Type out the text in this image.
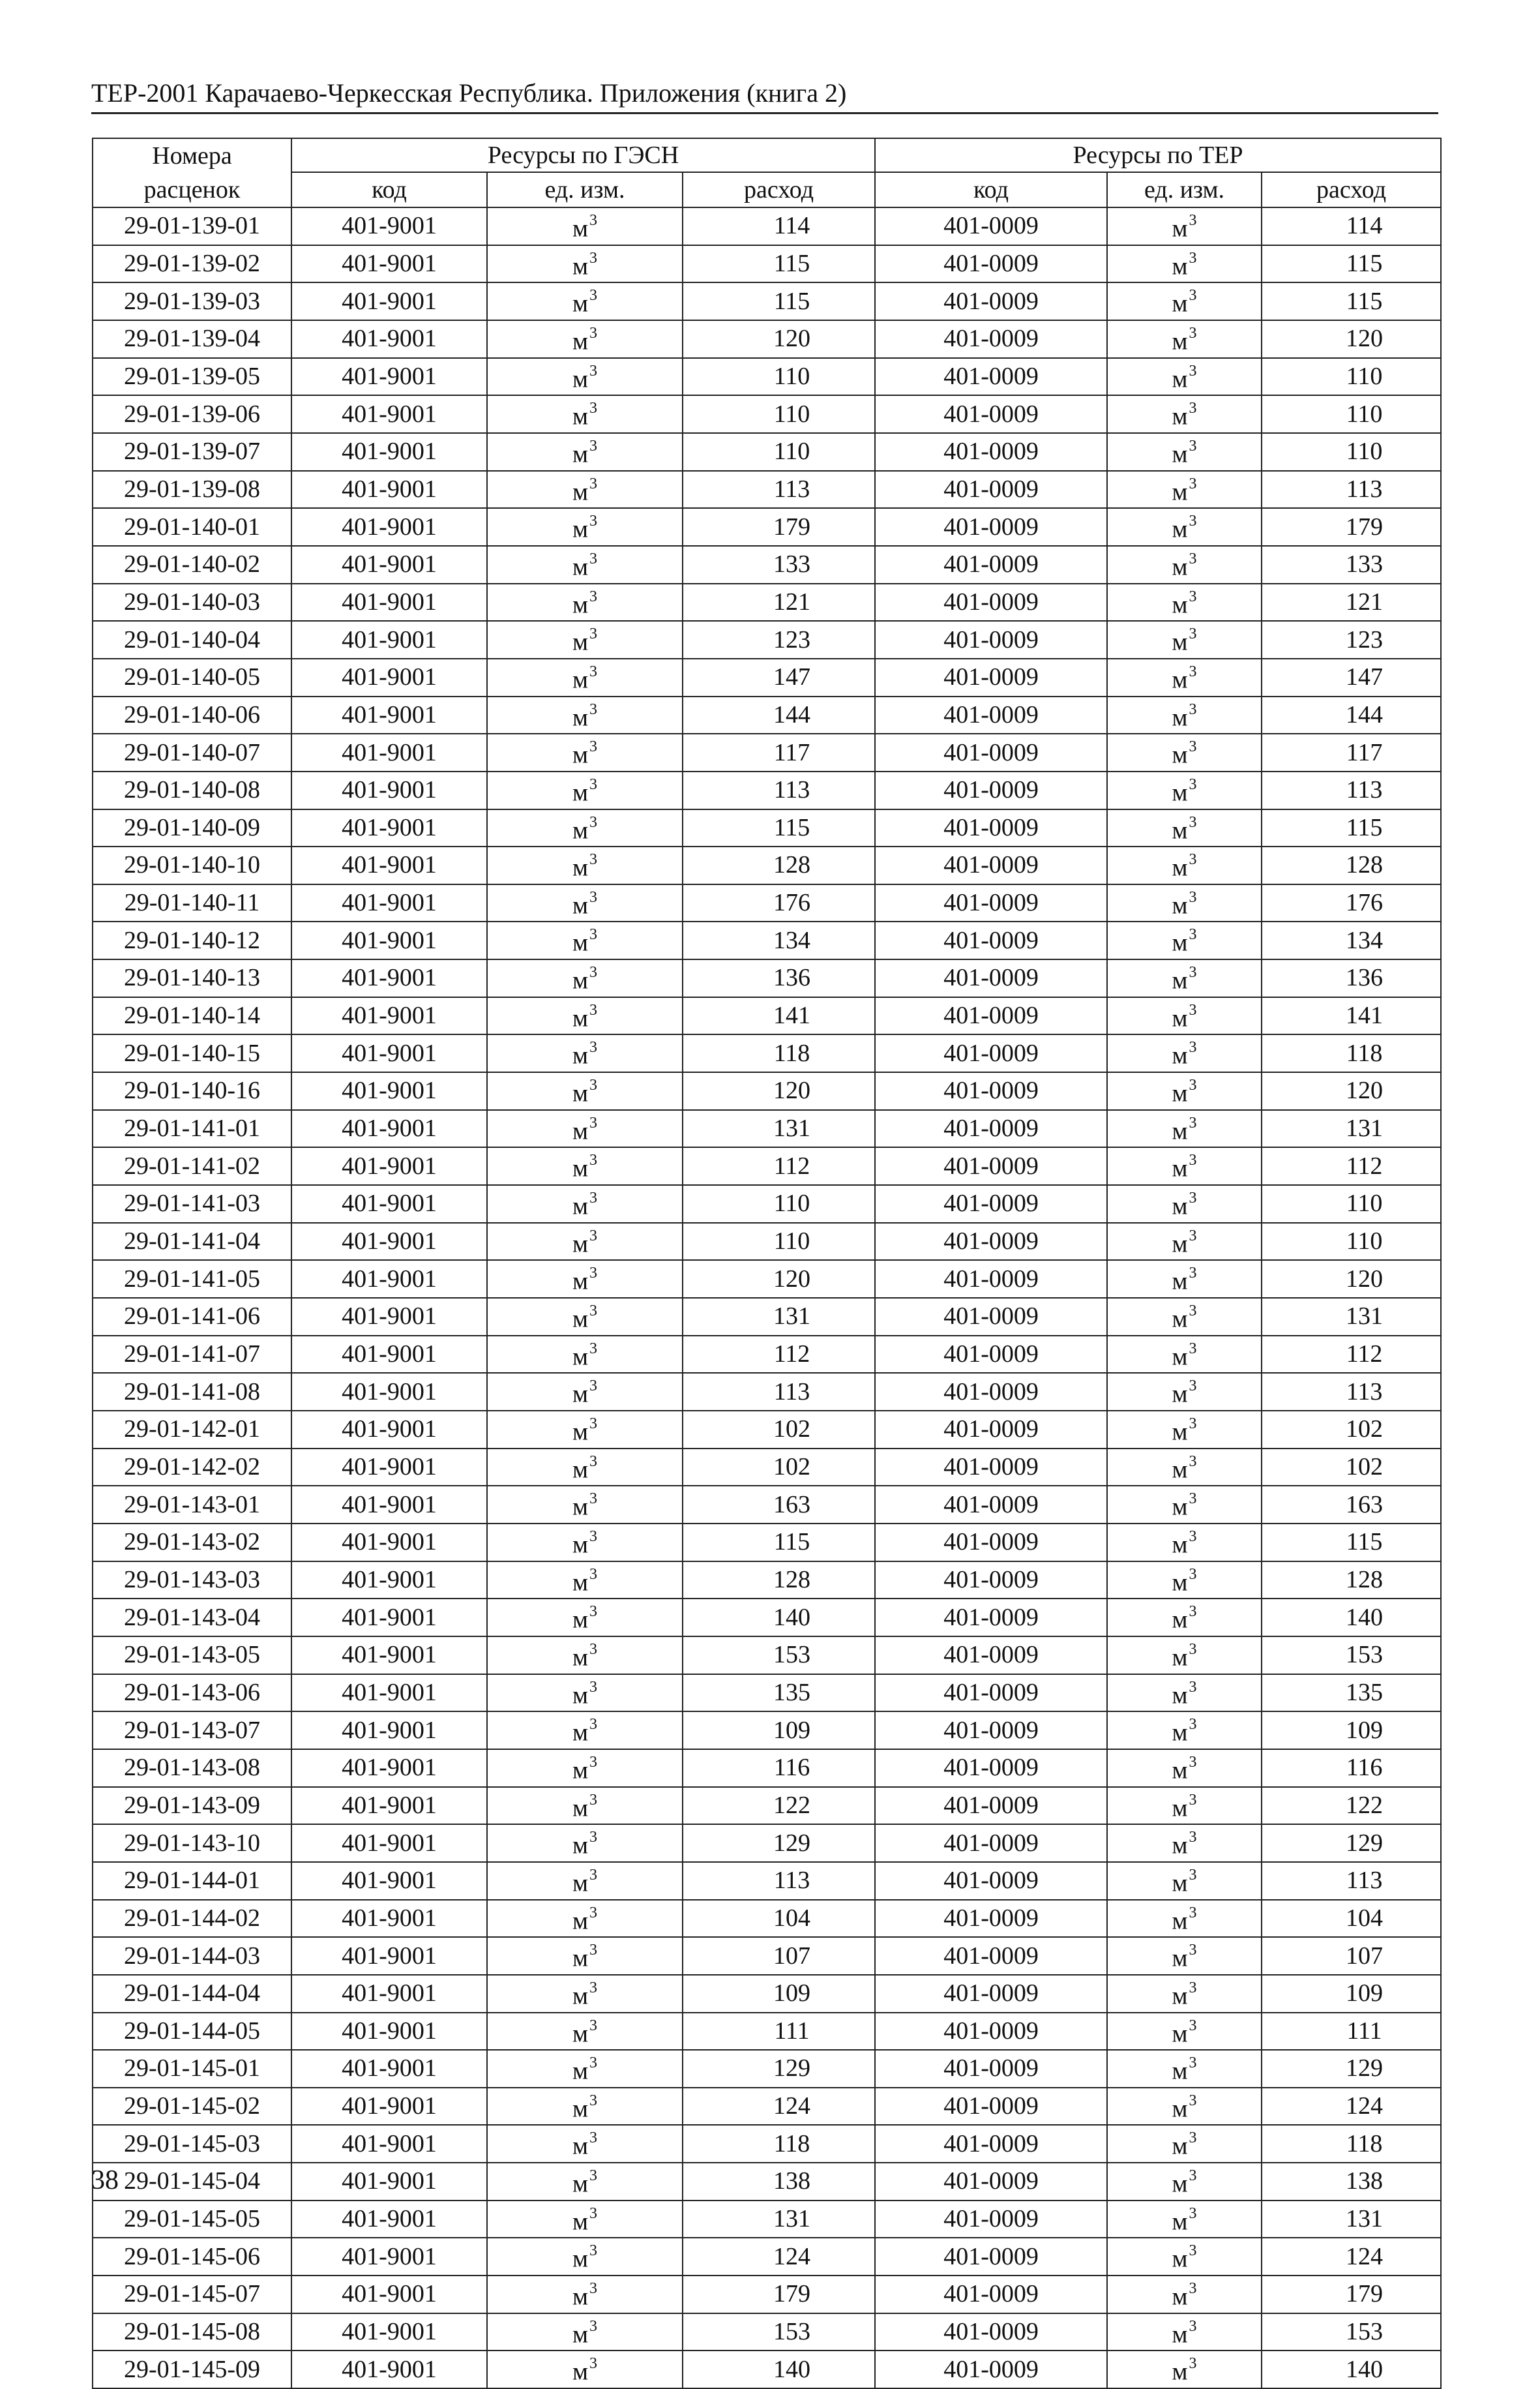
ТЕР-2001 Карачаево-Черкесская Республика. Приложения (книга 2)
Номера	Ресурсы по ГЭСН			Ресурсы по ТЕР		
расценок	код	ед. изм.	расход	код	ед. изм.	расход
29-01-139-01	401-9001	$м^3$	114	401-0009	$м^3$	114
29-01-139-02	401-9001	$м^3$	115	401-0009	$м^3$	115
29-01-139-03	401-9001	$м^3$	115	401-0009	$м^3$	115
29-01-139-04	401-9001	$м^3$	120	401-0009	$м^3$	120
29-01-139-05	401-9001	$м^3$	110	401-0009	$м^3$	110
29-01-139-06	401-9001	$м^3$	110	401-0009	$м^3$	110
29-01-139-07	401-9001	$м^3$	110	401-0009	$м^3$	110
29-01-139-08	401-9001	$м^3$	113	401-0009	$м^3$	113
29-01-140-01	401-9001	$м^3$	179	401-0009	$м^3$	179
29-01-140-02	401-9001	$м^3$	133	401-0009	$м^3$	133
29-01-140-03	401-9001	$м^3$	121	401-0009	$м^3$	121
29-01-140-04	401-9001	$м^3$	123	401-0009	$м^3$	123
29-01-140-05	401-9001	$м^3$	147	401-0009	$м^3$	147
29-01-140-06	401-9001	$м^3$	144	401-0009	$м^3$	144
29-01-140-07	401-9001	$м^3$	117	401-0009	$м^3$	117
29-01-140-08	401-9001	$м^3$	113	401-0009	$м^3$	113
29-01-140-09	401-9001	$м^3$	115	401-0009	$м^3$	115
29-01-140-10	401-9001	$м^3$	128	401-0009	$м^3$	128
29-01-140-11	401-9001	$м^3$	176	401-0009	$м^3$	176
29-01-140-12	401-9001	$м^3$	134	401-0009	$м^3$	134
29-01-140-13	401-9001	$м^3$	136	401-0009	$м^3$	136
29-01-140-14	401-9001	$м^3$	141	401-0009	$м^3$	141
29-01-140-15	401-9001	$м^3$	118	401-0009	$м^3$	118
29-01-140-16	401-9001	$м^3$	120	401-0009	$м^3$	120
29-01-141-01	401-9001	$м^3$	131	401-0009	$м^3$	131
29-01-141-02	401-9001	$м^3$	112	401-0009	$м^3$	112
29-01-141-03	401-9001	$м^3$	110	401-0009	$м^3$	110
29-01-141-04	401-9001	$м^3$	110	401-0009	$м^3$	110
29-01-141-05	401-9001	$м^3$	120	401-0009	$м^3$	120
29-01-141-06	401-9001	$м^3$	131	401-0009	$м^3$	131
29-01-141-07	401-9001	$м^3$	112	401-0009	$м^3$	112
29-01-141-08	401-9001	$м^3$	113	401-0009	$м^3$	113
29-01-142-01	401-9001	$м^3$	102	401-0009	$м^3$	102
29-01-142-02	401-9001	$м^3$	102	401-0009	$м^3$	102
29-01-143-01	401-9001	$м^3$	163	401-0009	$м^3$	163
29-01-143-02	401-9001	$м^3$	115	401-0009	$м^3$	115
29-01-143-03	401-9001	$м^3$	128	401-0009	$м^3$	128
29-01-143-04	401-9001	$м^3$	140	401-0009	$м^3$	140
29-01-143-05	401-9001	$м^3$	153	401-0009	$м^3$	153
29-01-143-06	401-9001	$м^3$	135	401-0009	$м^3$	135
29-01-143-07	401-9001	$м^3$	109	401-0009	$м^3$	109
29-01-143-08	401-9001	$м^3$	116	401-0009	$м^3$	116
29-01-143-09	401-9001	$м^3$	122	401-0009	$м^3$	122
29-01-143-10	401-9001	$м^3$	129	401-0009	$м^3$	129
29-01-144-01	401-9001	$м^3$	113	401-0009	$м^3$	113
29-01-144-02	401-9001	$м^3$	104	401-0009	$м^3$	104
29-01-144-03	401-9001	$м^3$	107	401-0009	$м^3$	107
29-01-144-04	401-9001	$м^3$	109	401-0009	$м^3$	109
29-01-144-05	401-9001	$м^3$	111	401-0009	$м^3$	111
29-01-145-01	401-9001	$м^3$	129	401-0009	$м^3$	129
29-01-145-02	401-9001	$м^3$	124	401-0009	$м^3$	124
29-01-145-03	401-9001	$м^3$	118	401-0009	$м^3$	118
29-01-145-04	401-9001	$м^3$	138	401-0009	$м^3$	138
29-01-145-05	401-9001	$м^3$	131	401-0009	$м^3$	131
29-01-145-06	401-9001	$м^3$	124	401-0009	$м^3$	124
29-01-145-07	401-9001	$м^3$	179	401-0009	$м^3$	179
29-01-145-08	401-9001	$м^3$	153	401-0009	$м^3$	153
29-01-145-09	401-9001	$м^3$	140	401-0009	$м^3$	140
38
